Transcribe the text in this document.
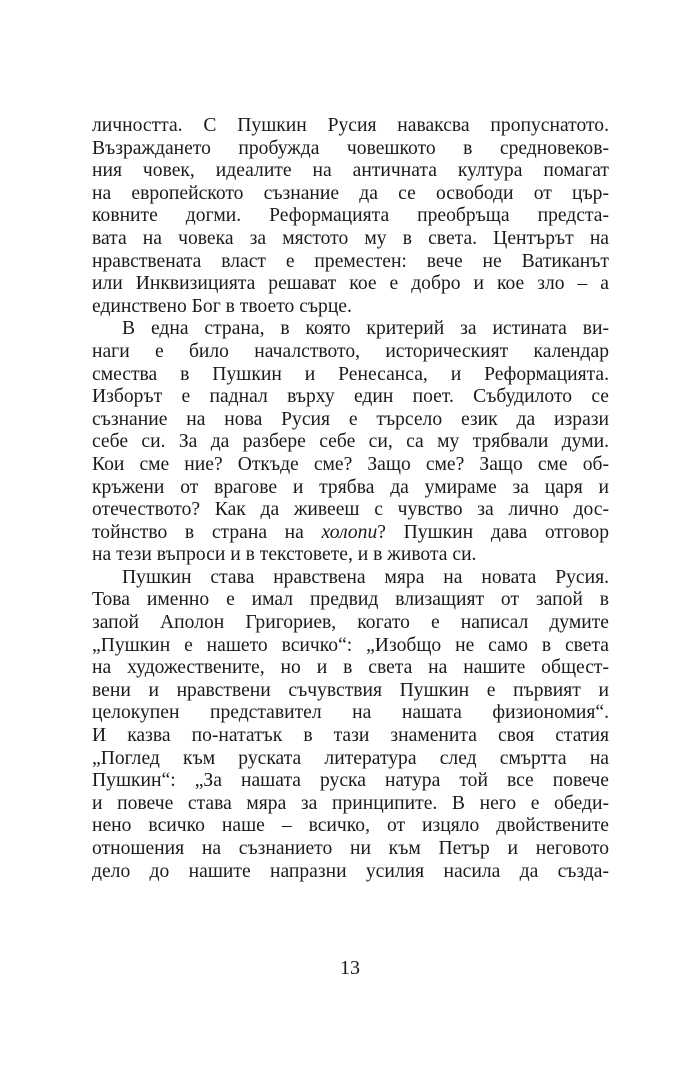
личността. С Пушкин Русия наваксва пропуснатото.
Възраждането пробужда човешкото в средновеков-
ния човек, идеалите на античната култура помагат
на европейското съзнание да се освободи от цър-
ковните догми. Реформацията преобръща предста-
вата на човека за мястото му в света. Центърът на
нравствената власт е преместен: вече не Ватиканът
или Инквизицията решават кое е добро и кое зло – а
единствено Бог в твоето сърце.
В една страна, в която критерий за истината ви-
наги е било началството, историческият календар
смества в Пушкин и Ренесанса, и Реформацията.
Изборът е паднал върху един поет. Събудилото се
съзнание на нова Русия е търсело език да изрази
себе си. За да разбере себе си, са му трябвали думи.
Кои сме ние? Откъде сме? Защо сме? Защо сме об-
кръжени от врагове и трябва да умираме за царя и
отечеството? Как да живееш с чувство за лично дос-
тойнство в страна на холопи? Пушкин дава отговор
на тези въпроси и в текстовете, и в живота си.
Пушкин става нравствена мяра на новата Русия.
Това именно е имал предвид влизащият от запой в
запой Аполон Григориев, когато е написал думите
„Пушкин е нашето всичко“: „Изобщо не само в света
на художествените, но и в света на нашите общест-
вени и нравствени съчувствия Пушкин е първият и
целокупен представител на нашата физиономия“.
И казва по-нататък в тази знаменита своя статия
„Поглед към руската литература след смъртта на
Пушкин“: „За нашата руска натура той все повече
и повече става мяра за принципите. В него е обеди-
нено всичко наше – всичко, от изцяло двойствените
отношения на съзнанието ни към Петър и неговото
дело до нашите напразни усилия насила да създа-
13
